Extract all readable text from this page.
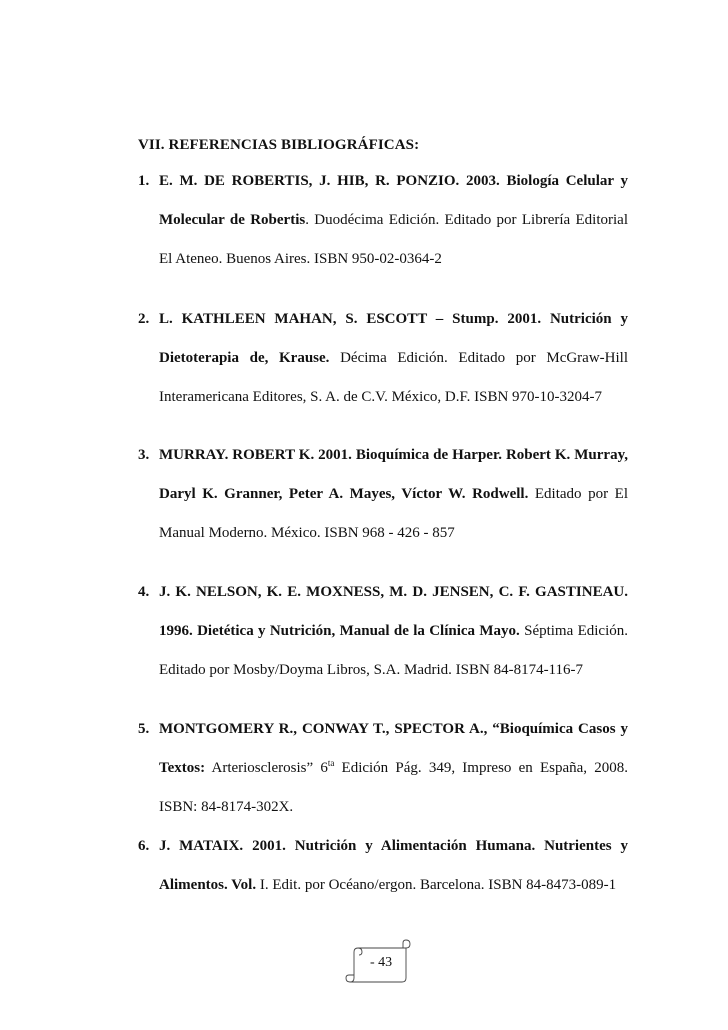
VII. REFERENCIAS BIBLIOGRÁFICAS:
1. E. M. DE ROBERTIS, J. HIB, R. PONZIO. 2003. Biología Celular y
Molecular de Robertis. Duodécima Edición. Editado por Librería Editorial
El Ateneo. Buenos Aires. ISBN 950-02-0364-2
2. L. KATHLEEN MAHAN, S. ESCOTT – Stump. 2001. Nutrición y
Dietoterapia de, Krause. Décima Edición. Editado por McGraw-Hill
Interamericana Editores, S. A. de C.V. México, D.F. ISBN 970-10-3204-7
3. MURRAY. ROBERT K. 2001. Bioquímica de Harper. Robert K. Murray,
Daryl K. Granner, Peter A. Mayes, Víctor W. Rodwell. Editado por El
Manual Moderno. México. ISBN 968 - 426 - 857
4. J. K. NELSON, K. E. MOXNESS, M. D. JENSEN, C. F. GASTINEAU.
1996. Dietética y Nutrición, Manual de la Clínica Mayo. Séptima Edición.
Editado por Mosby/Doyma Libros, S.A. Madrid. ISBN 84-8174-116-7
5. MONTGOMERY R., CONWAY T., SPECTOR A., “Bioquímica Casos y
Textos: Arteriosclerosis” $6^{ta}$ Edición Pág. 349, Impreso en España, 2008.
ISBN: 84-8174-302X.
6. J. MATAIX. 2001. Nutrición y Alimentación Humana. Nutrientes y
Alimentos. Vol. I. Edit. por Océano/ergon. Barcelona. ISBN 84-8473-089-1
- 43
